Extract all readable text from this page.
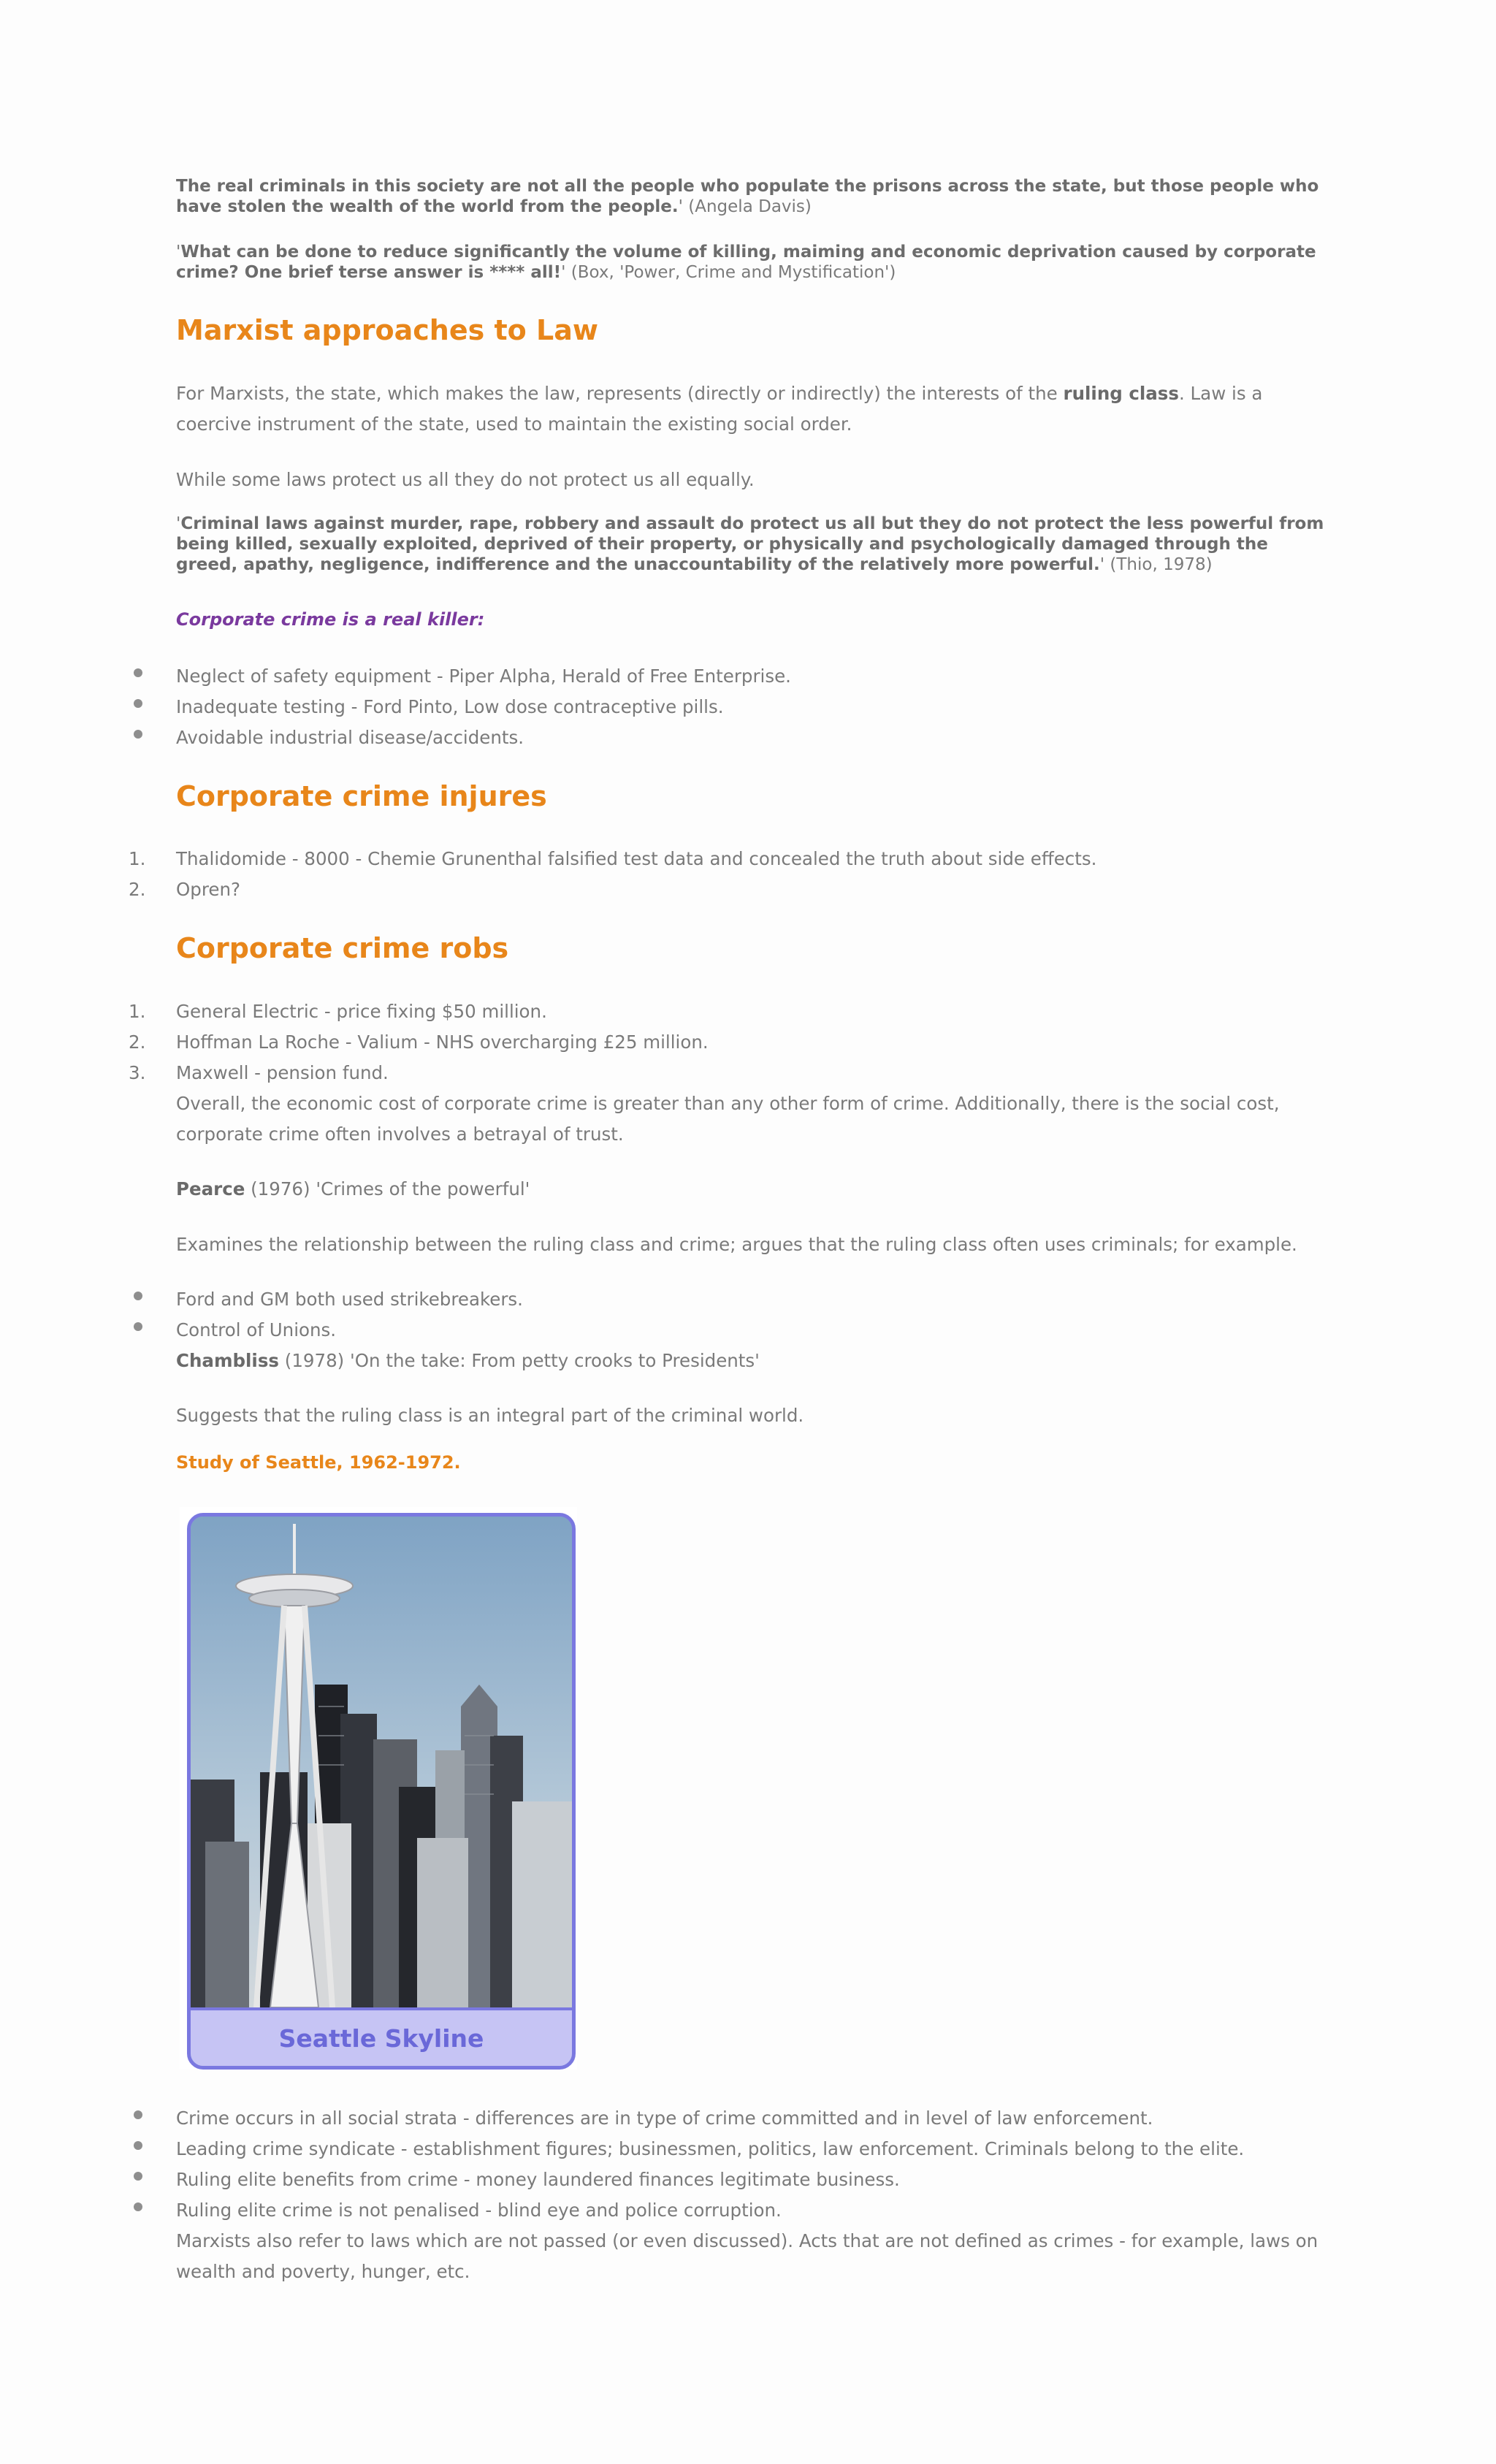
The real criminals in this society are not all the people who populate the prisons across the state, but those people who have stolen the wealth of the world from the people.' (Angela Davis)
'What can be done to reduce significantly the volume of killing, maiming and economic deprivation caused by corporate crime? One brief terse answer is **** all!' (Box, 'Power, Crime and Mystification')
Marxist approaches to Law
For Marxists, the state, which makes the law, represents (directly or indirectly) the interests of the ruling class. Law is a coercive instrument of the state, used to maintain the existing social order.
While some laws protect us all they do not protect us all equally.
'Criminal laws against murder, rape, robbery and assault do protect us all but they do not protect the less powerful from being killed, sexually exploited, deprived of their property, or physically and psychologically damaged through the greed, apathy, negligence, indifference and the unaccountability of the relatively more powerful.' (Thio, 1978)
Corporate crime is a real killer:
Neglect of safety equipment - Piper Alpha, Herald of Free Enterprise.
Inadequate testing - Ford Pinto, Low dose contraceptive pills.
Avoidable industrial disease/accidents.
Corporate crime injures
1. Thalidomide - 8000 - Chemie Grunenthal falsified test data and concealed the truth about side effects.
2. Opren?
Corporate crime robs
1. General Electric - price fixing $50 million.
2. Hoffman La Roche - Valium - NHS overcharging £25 million.
3. Maxwell - pension fund.
Overall, the economic cost of corporate crime is greater than any other form of crime. Additionally, there is the social cost, corporate crime often involves a betrayal of trust.
Pearce (1976) 'Crimes of the powerful'
Examines the relationship between the ruling class and crime; argues that the ruling class often uses criminals; for example.
Ford and GM both used strikebreakers.
Control of Unions.
Chambliss (1978) 'On the take: From petty crooks to Presidents'
Suggests that the ruling class is an integral part of the criminal world.
Study of Seattle, 1962-1972.
Seattle Skyline
Crime occurs in all social strata - differences are in type of crime committed and in level of law enforcement.
Leading crime syndicate - establishment figures; businessmen, politics, law enforcement. Criminals belong to the elite.
Ruling elite benefits from crime - money laundered finances legitimate business.
Ruling elite crime is not penalised - blind eye and police corruption.
Marxists also refer to laws which are not passed (or even discussed). Acts that are not defined as crimes - for example, laws on wealth and poverty, hunger, etc.
